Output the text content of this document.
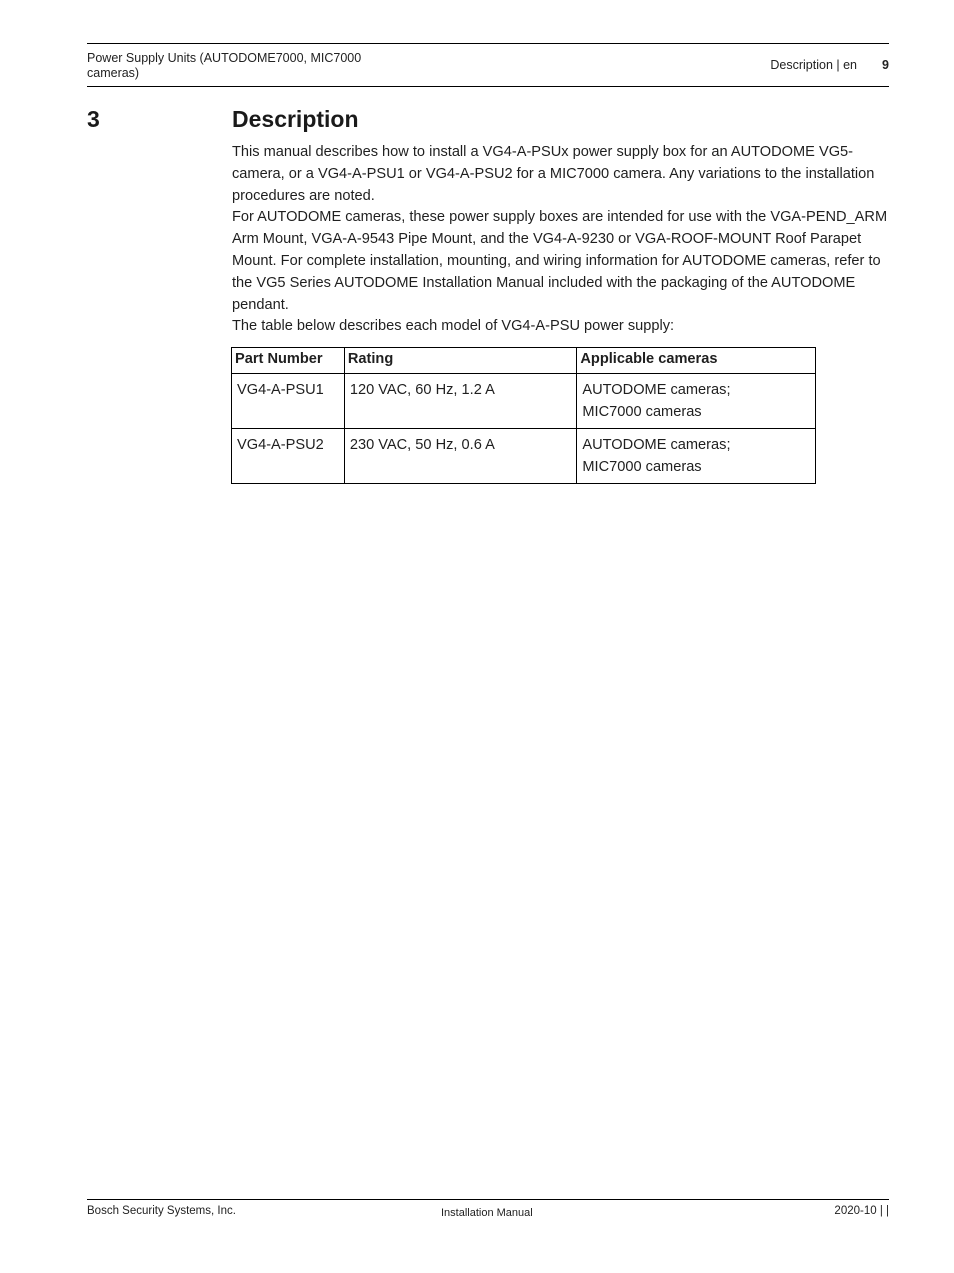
Power Supply Units (AUTODOME7000, MIC7000 cameras)
Description | en 9
3	Description

This manual describes how to install a VG4-A-PSUx power supply box for an AUTODOME VG5-camera, or a VG4-A-PSU1 or VG4-A-PSU2 for a MIC7000 camera. Any variations to the installation procedures are noted.

For AUTODOME cameras, these power supply boxes are intended for use with the VGA-PEND_ARM Arm Mount, VGA-A-9543 Pipe Mount, and the VG4-A-9230 or VGA-ROOF-MOUNT Roof Parapet Mount. For complete installation, mounting, and wiring information for AUTODOME cameras, refer to the VG5 Series AUTODOME Installation Manual included with the packaging of the AUTODOME pendant.

The table below describes each model of VG4-A-PSU power supply:

Part Number	Rating	Applicable cameras
VG4-A-PSU1	120 VAC, 60 Hz, 1.2 A	AUTODOME cameras;
MIC7000 cameras

VG4-A-PSU2	230 VAC, 50 Hz, 0.6 A	AUTODOME cameras;
MIC7000 cameras
Bosch Security Systems, Inc.	Installation Manual	2020-10 | |
